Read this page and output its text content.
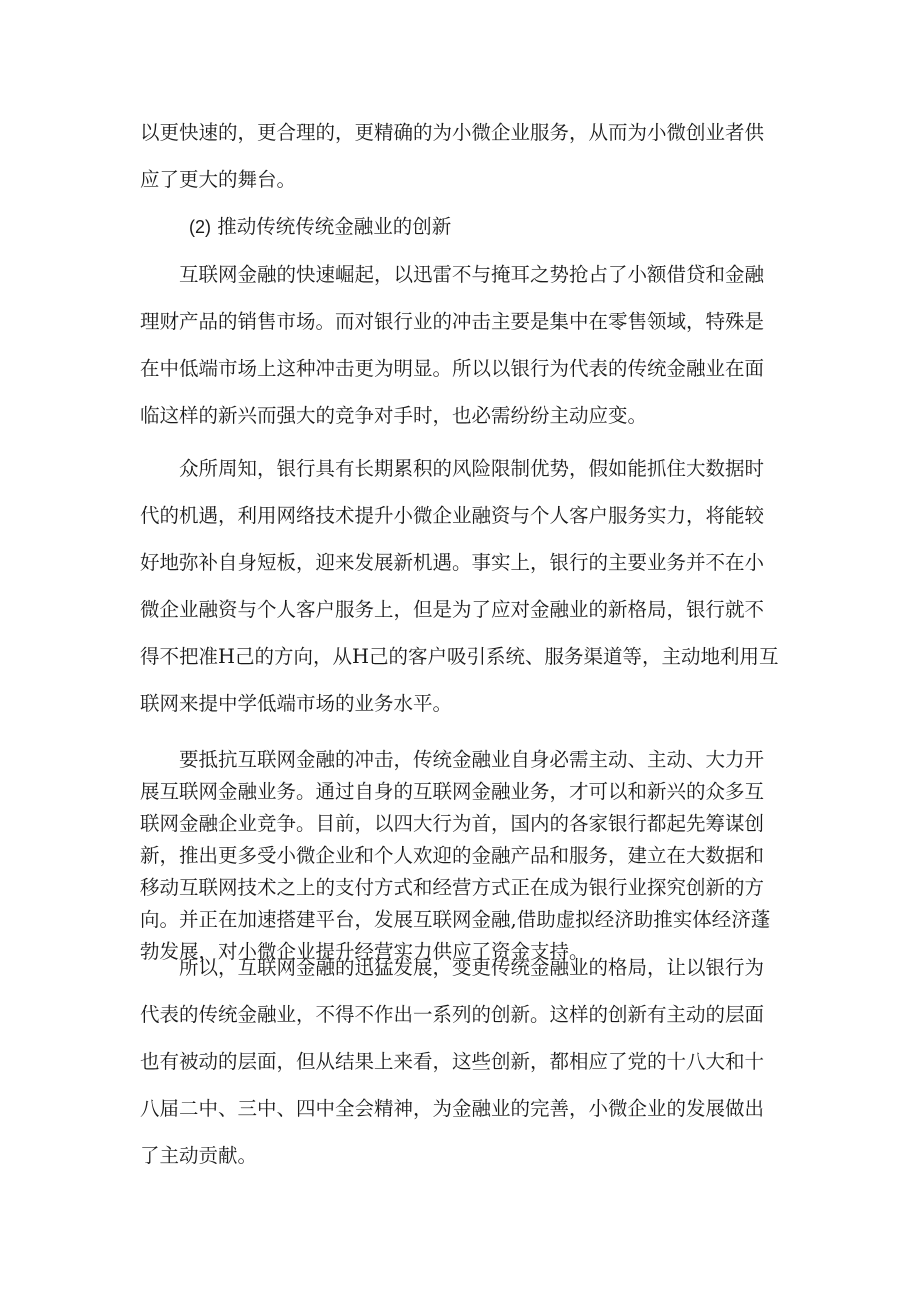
以更快速的，更合理的，更精确的为小微企业服务，从而为小微创业者供
应了更大的舞台。

(2) 推动传统传统金融业的创新

互联网金融的快速崛起，以迅雷不与掩耳之势抢占了小额借贷和金融
理财产品的销售市场。而对银行业的冲击主要是集中在零售领域，特殊是
在中低端市场上这种冲击更为明显。所以以银行为代表的传统金融业在面
临这样的新兴而强大的竞争对手时，也必需纷纷主动应变。

众所周知，银行具有长期累积的风险限制优势，假如能抓住大数据时
代的机遇，利用网络技术提升小微企业融资与个人客户服务实力，将能较
好地弥补自身短板，迎来发展新机遇。事实上，银行的主要业务并不在小
微企业融资与个人客户服务上，但是为了应对金融业的新格局，银行就不
得不把准H己的方向，从H己的客户吸引系统、服务渠道等，主动地利用互
联网来提中学低端市场的业务水平。

要抵抗互联网金融的冲击，传统金融业自身必需主动、主动、大力开
展互联网金融业务。通过自身的互联网金融业务，才可以和新兴的众多互
联网金融企业竞争。目前，以四大行为首，国内的各家银行都起先筹谋创
新，推出更多受小微企业和个人欢迎的金融产品和服务，建立在大数据和
移动互联网技术之上的支付方式和经营方式正在成为银行业探究创新的方
向。并正在加速搭建平台，发展互联网金融,借助虚拟经济助推实体经济蓬
勃发展，对小微企业提升经营实力供应了资金支持。

所以，互联网金融的迅猛发展，变更传统金融业的格局，让以银行为
代表的传统金融业，不得不作出一系列的创新。这样的创新有主动的层面
也有被动的层面，但从结果上来看，这些创新，都相应了党的十八大和十
八届二中、三中、四中全会精神，为金融业的完善，小微企业的发展做出
了主动贡献。
